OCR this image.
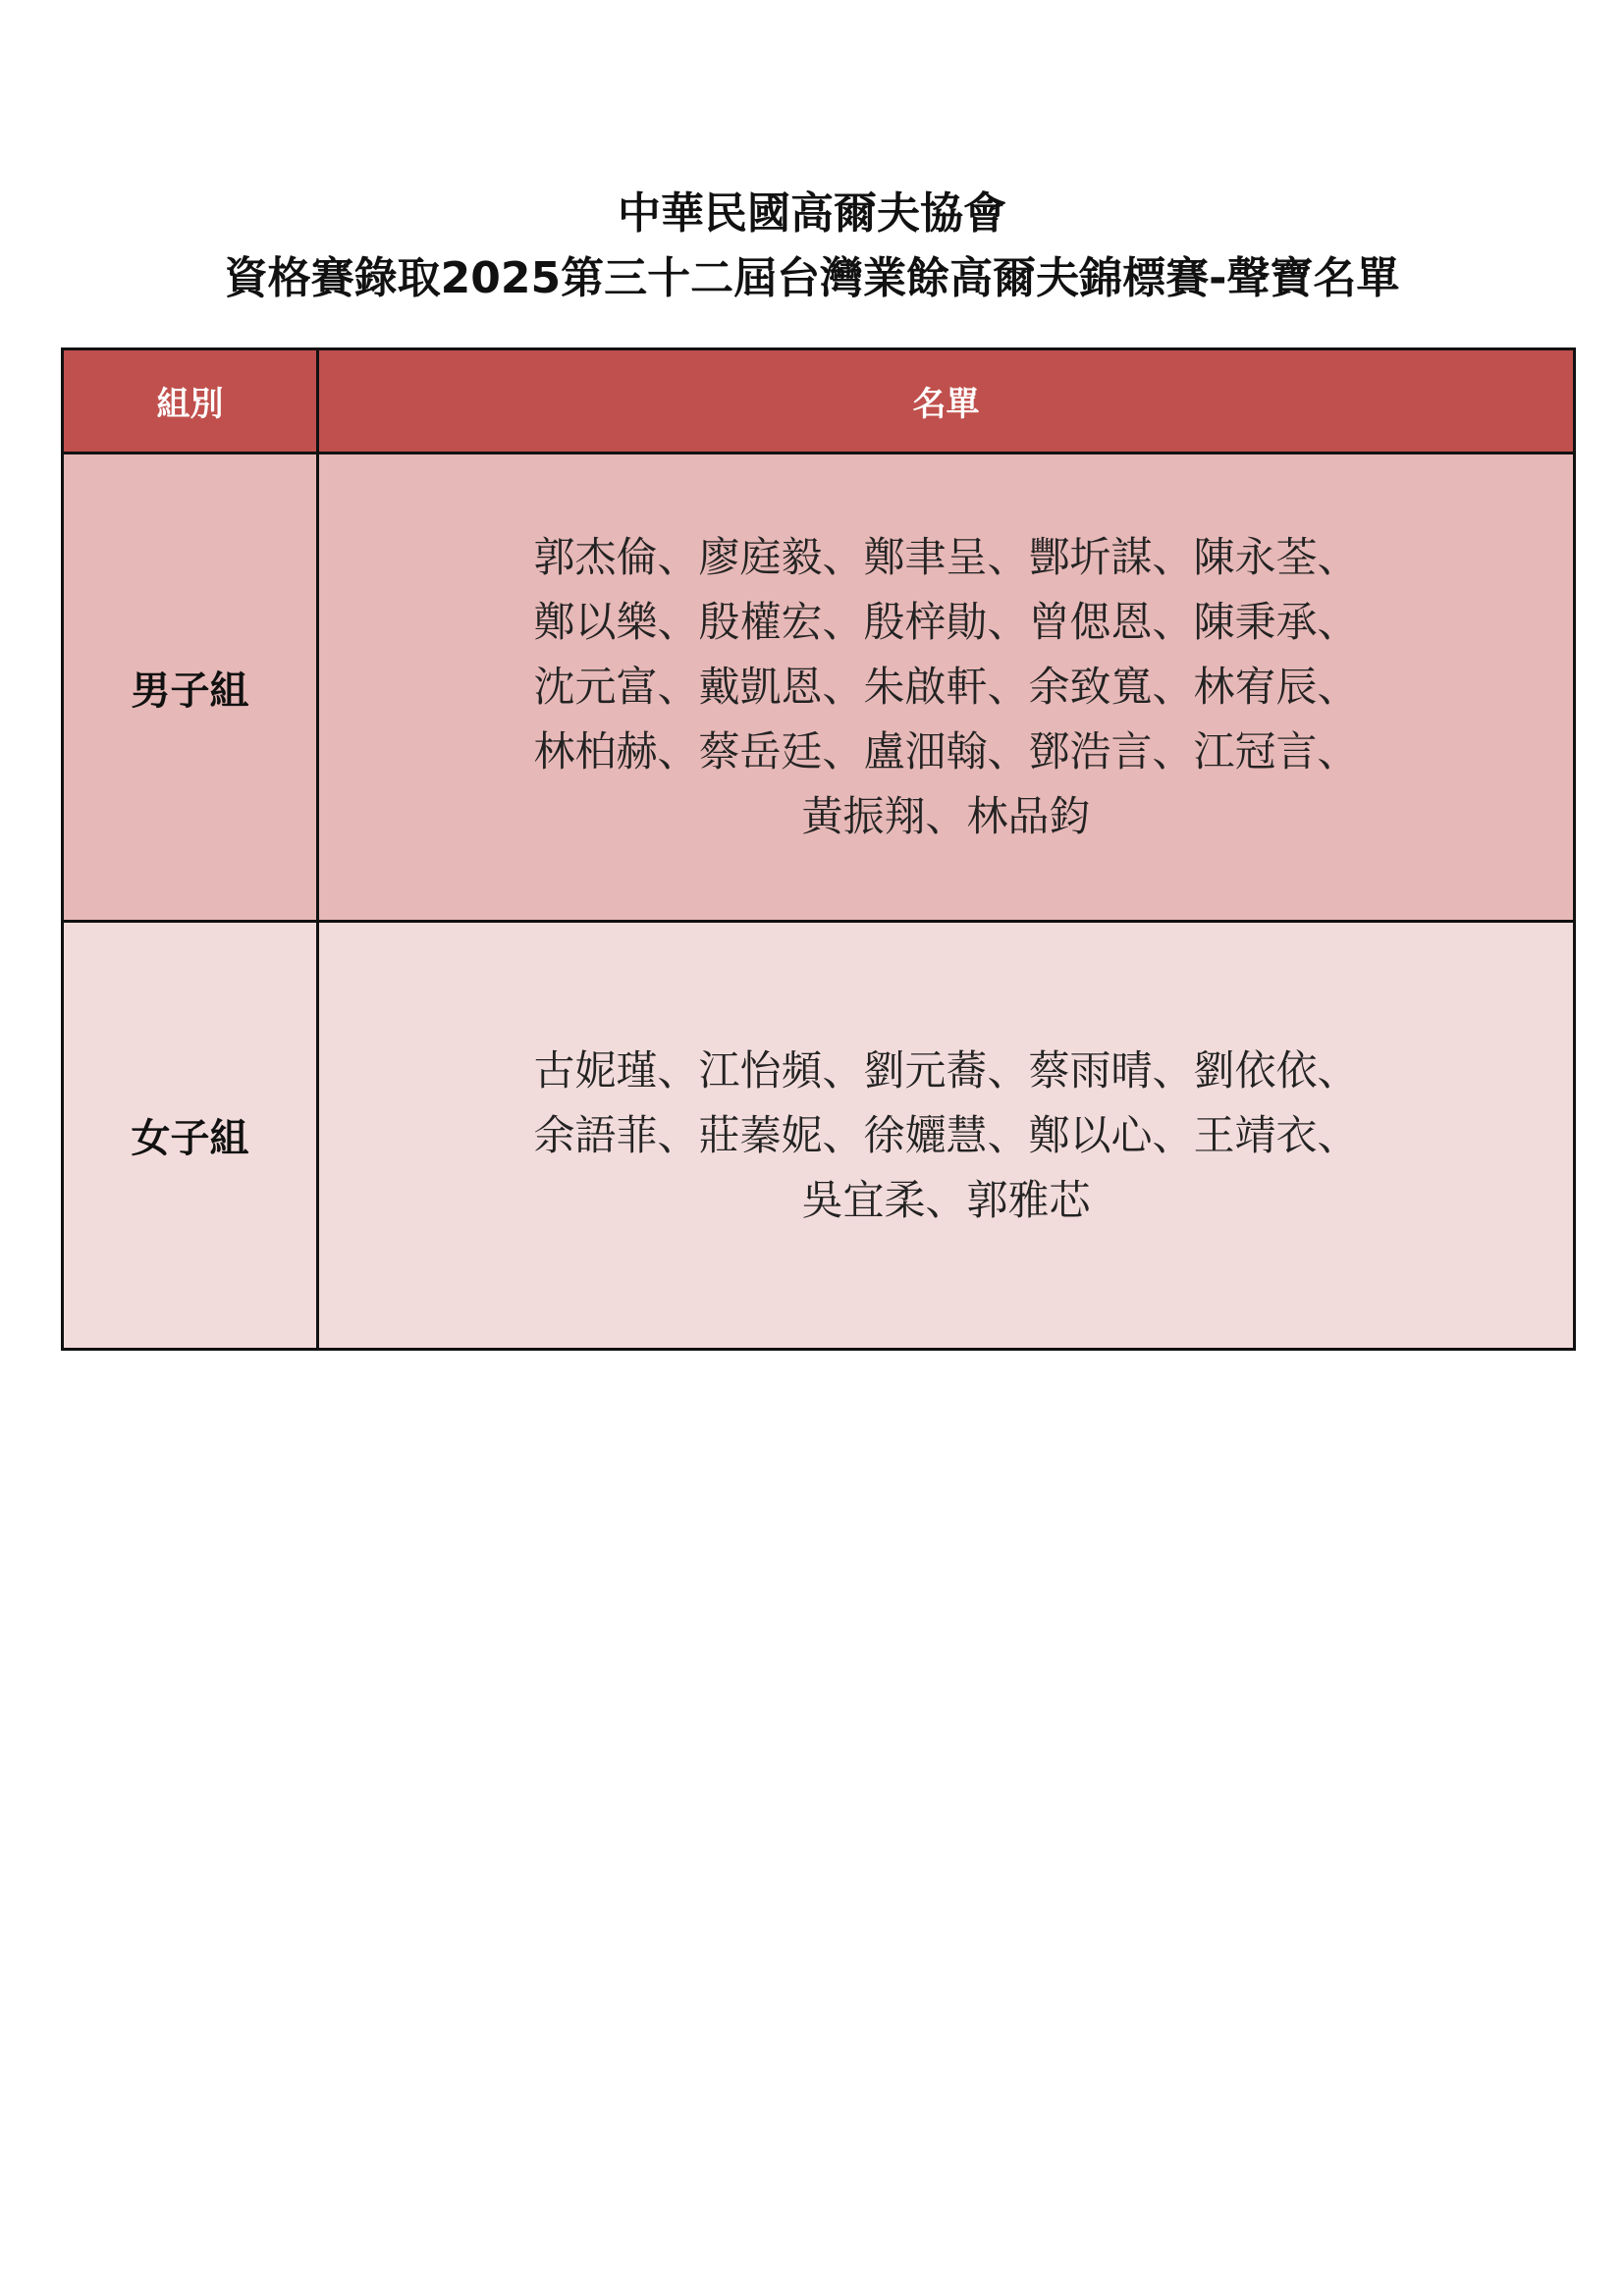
中華民國高爾夫協會
資格賽錄取2025第三十二屆台灣業餘高爾夫錦標賽-聲寶名單
組別	名單
男子組	郭杰倫、廖庭毅、鄭聿呈、酆圻謀、陳永荃、
鄭以樂、殷權宏、殷梓勛、曾偲恩、陳秉承、
沈元富、戴凱恩、朱啟軒、余致寬、林宥辰、
林柏赫、蔡岳廷、盧沺翰、鄧浩言、江冠言、
黃振翔、林品鈞

女子組	古妮瑾、江怡頻、劉元蕎、蔡雨晴、劉依依、
余語菲、莊蓁妮、徐孋慧、鄭以心、王靖衣、
吳宜柔、郭雅芯
